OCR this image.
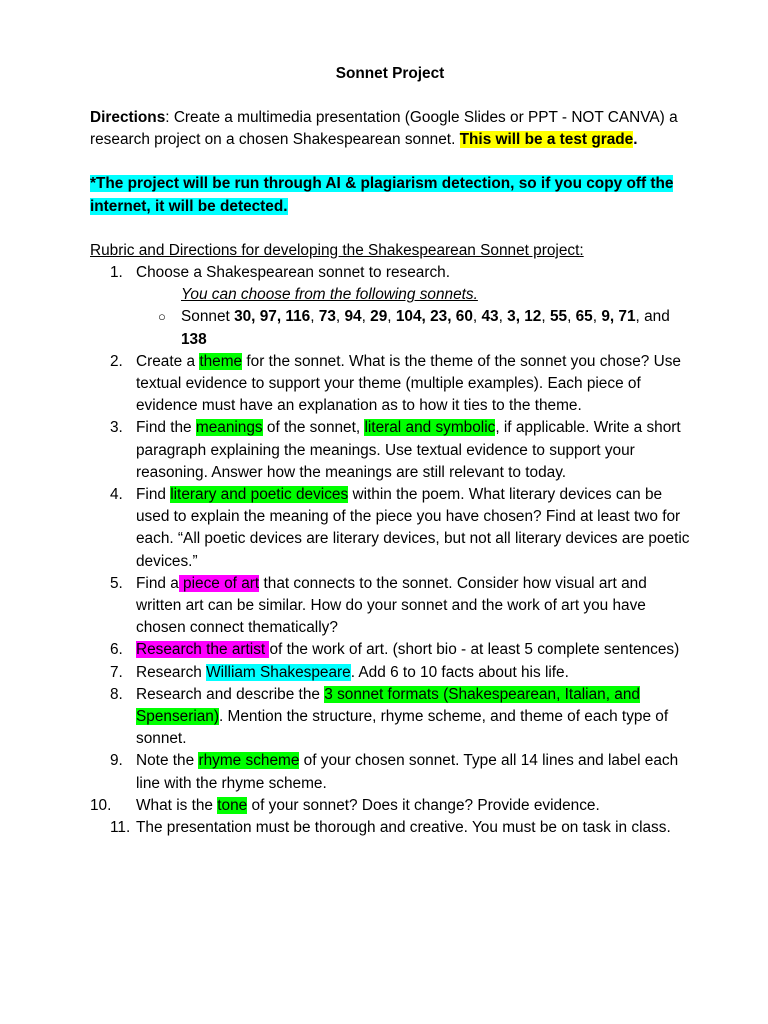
Sonnet Project

Directions: Create a multimedia presentation (Google Slides or PPT - NOT CANVA) a research project on a chosen Shakespearean sonnet. This will be a test grade.

*The project will be run through AI & plagiarism detection, so if you copy off the internet, it will be detected.

Rubric and Directions for developing the Shakespearean Sonnet project:

1. Choose a Shakespearean sonnet to research.
You can choose from the following sonnets.
○ Sonnet 30, 97, 116, 73, 94, 29, 104, 23, 60, 43, 3, 12, 55, 65, 9, 71, and 138
2. Create a theme for the sonnet. What is the theme of the sonnet you chose? Use textual evidence to support your theme (multiple examples). Each piece of evidence must have an explanation as to how it ties to the theme.
3. Find the meanings of the sonnet, literal and symbolic, if applicable. Write a short paragraph explaining the meanings. Use textual evidence to support your reasoning. Answer how the meanings are still relevant to today.
4. Find literary and poetic devices within the poem. What literary devices can be used to explain the meaning of the piece you have chosen? Find at least two for each. “All poetic devices are literary devices, but not all literary devices are poetic devices.”
5. Find a piece of art that connects to the sonnet. Consider how visual art and written art can be similar. How do your sonnet and the work of art you have chosen connect thematically?
6. Research the artist of the work of art. (short bio - at least 5 complete sentences)
7. Research William Shakespeare. Add 6 to 10 facts about his life.
8. Research and describe the 3 sonnet formats (Shakespearean, Italian, and Spenserian). Mention the structure, rhyme scheme, and theme of each type of sonnet.
9. Note the rhyme scheme of your chosen sonnet. Type all 14 lines and label each line with the rhyme scheme.
10. What is the tone of your sonnet? Does it change? Provide evidence.
11. The presentation must be thorough and creative. You must be on task in class.
